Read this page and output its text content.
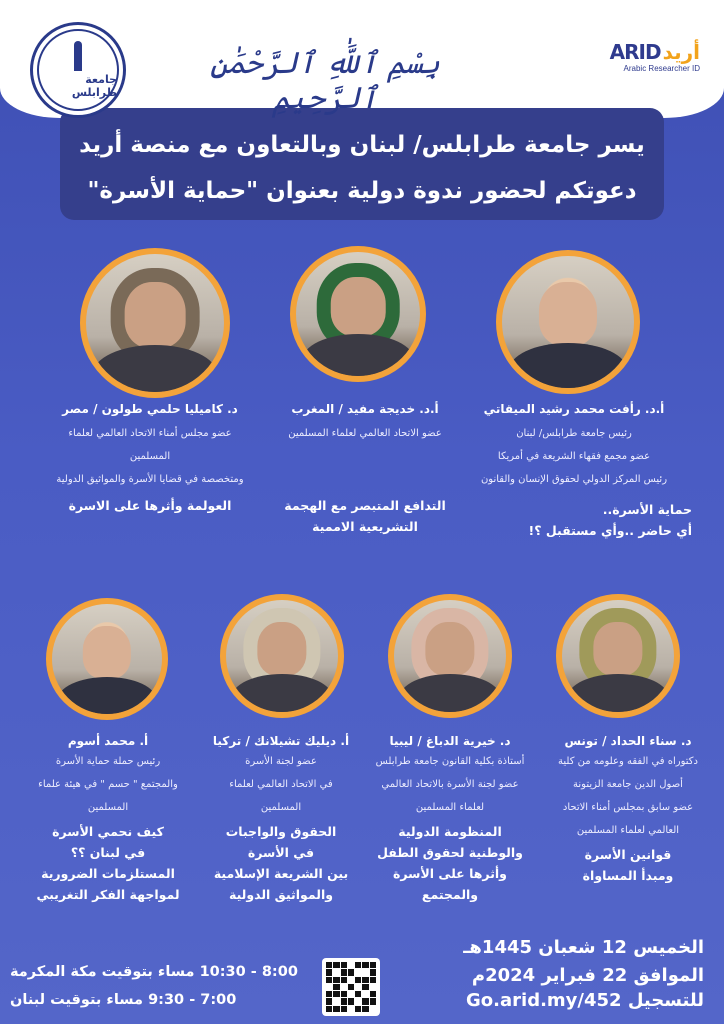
جامعة طرابلس
بِسْمِ ٱللَّٰهِ ٱلرَّحْمَٰنِ ٱلرَّحِيمِ
ARID أريد
Arabic Researcher ID
يسر جامعة طرابلس/ لبنان وبالتعاون مع منصة أريد
دعوتكم لحضور ندوة دولية بعنوان "حماية الأسرة"
أ.د. رأفت محمد رشيد الميقاتي
رئيس جامعة طرابلس/ لبنان
عضو مجمع فقهاء الشريعة في أمريكا
رئيس المركز الدولي لحقوق الإنسان والقانون
حماية الأسرة..
أي حاضر ..وأي مستقبل ؟!
أ.د. خديجة مفيد / المغرب
عضو الاتحاد العالمي لعلماء المسلمين
التدافع المتبصر مع الهجمة
التشريعية الاممية
د. كاميليا حلمي طولون / مصر
عضو مجلس أمناء الاتحاد العالمي لعلماء
المسلمين
ومتخصصة في قضايا الأسرة والمواثيق الدولية
العولمة وأثرها على الاسرة
د. سناء الحداد / تونس
دكتوراه في الفقه وعلومه من كلية
أصول الدين جامعة الزيتونة
عضو سابق بمجلس أمناء الاتحاد
العالمي لعلماء المسلمين
قوانين الأسرة
ومبدأ المساواة
د. خيرية الدباغ / ليبيا
أستاذة بكلية القانون جامعة طرابلس
عضو لجنة الأسرة بالاتحاد العالمي
لعلماء المسلمين
المنظومة الدولية
والوطنية لحقوق الطفل
وأثرها على الأسرة
والمجتمع
أ. ديليك تشيلانك / تركيا
عضو لجنة الأسرة
في الاتحاد العالمي لعلماء
المسلمين
الحقوق والواجبات
في الأسرة
بين الشريعة الإسلامية
والمواثيق الدولية
أ. محمد أسوم
رئيس حملة حماية الأسرة
والمجتمع " حسم " في هيئة علماء
المسلمين
كيف نحمي الأسرة
في لبنان ؟؟
المستلزمات الضرورية
لمواجهة الفكر التغريبي
الخميس 12 شعبان 1445هـ
الموافق 22 فبراير 2024م
8:00 - 10:30 مساء بتوقيت مكة المكرمة
7:00 - 9:30 مساء بتوقيت لبنان	للتسجيل Go.arid.my/452
